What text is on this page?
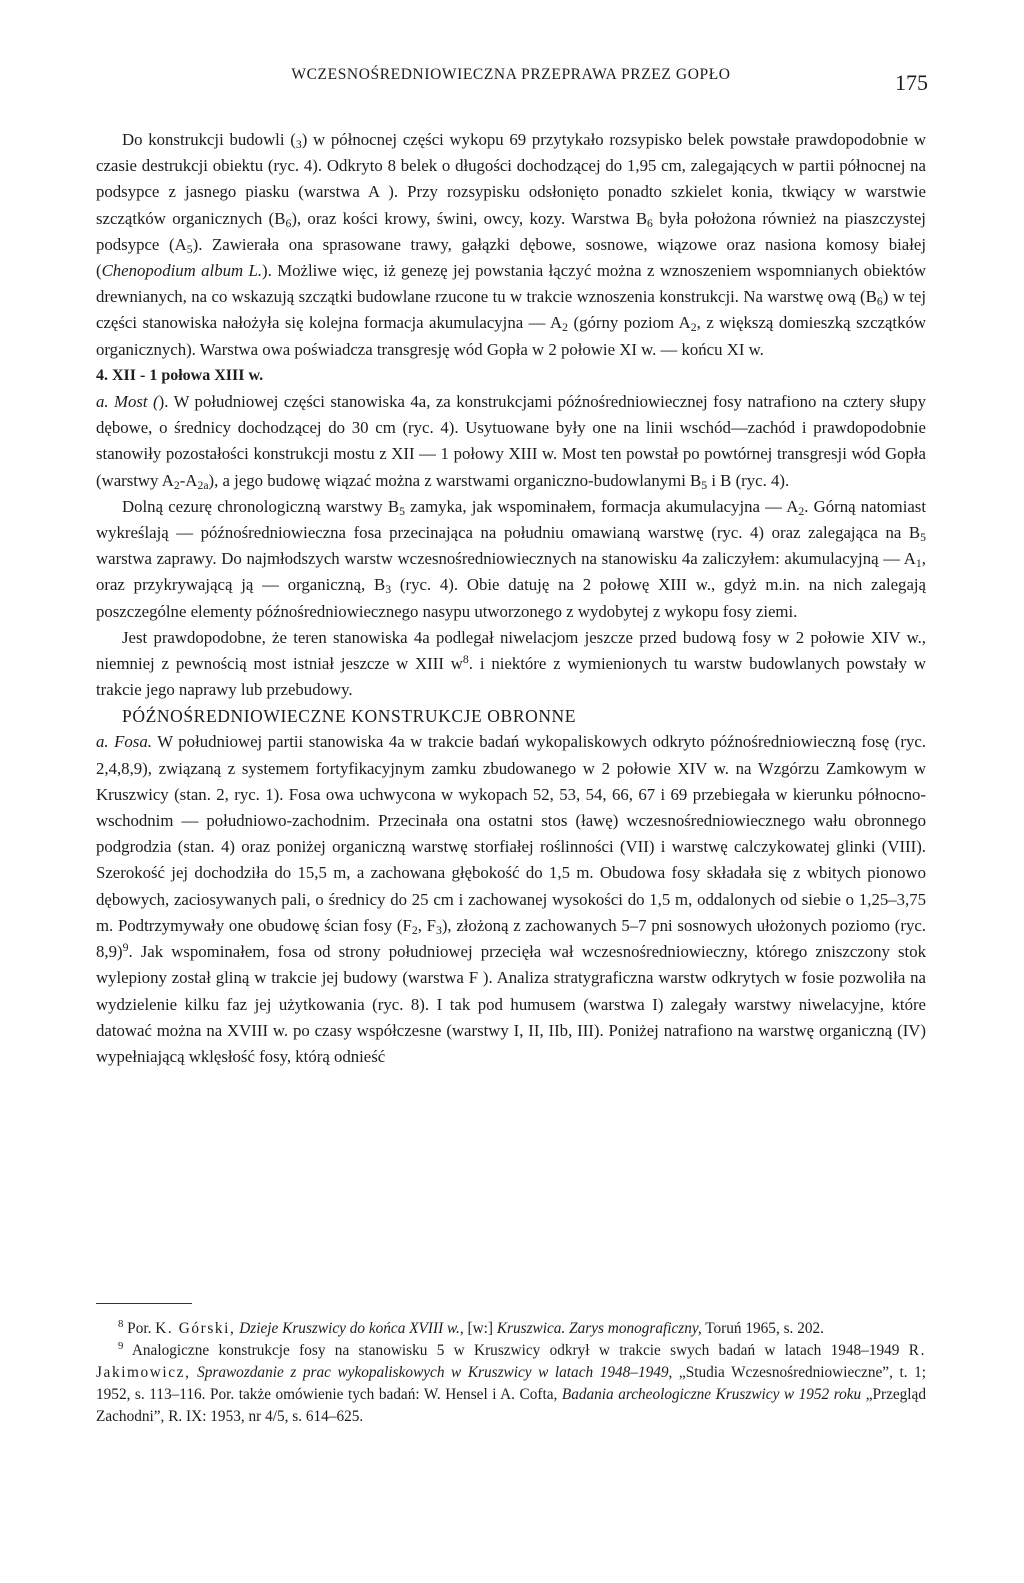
WCZESNOŚREDNIOWIECZNA PRZEPRAWA PRZEZ GOPŁO	175

Do konstrukcji budowli $(_3)$ w północnej części wykopu 69 przytykało rozsypisko belek powstałe prawdopodobnie w czasie destrukcji obiektu (ryc. 4). Odkryto 8 belek o długości dochodzącej do 1,95 cm, zalegających w partii północnej na podsypce z jasnego piasku (warstwa A ). Przy rozsypisku odsłonięto ponadto szkielet konia, tkwiący w warstwie szczątków organicznych $(B_6)$, oraz kości krowy, świni, owcy, kozy. Warstwa $B_6$ była położona również na piaszczystej podsypce $(A_5)$. Zawierała ona sprasowane trawy, gałązki dębowe, sosnowe, wiązowe oraz nasiona komosy białej (Chenopodium album L.). Możliwe więc, iż genezę jej powstania łączyć można z wznoszeniem wspomnianych obiektów drewnianych, na co wskazują szczątki budowlane rzucone tu w trakcie wznoszenia konstrukcji. Na warstwę ową $(B_6)$ w tej części stanowiska nałożyła się kolejna formacja akumulacyjna — $A_2$ (górny poziom $A_2$, z większą domieszką szczątków organicznych). Warstwa owa poświadcza transgresję wód Gopła w 2 połowie XI w. — końcu XI w.

4. XII - 1 połowa XIII w.

a. Most (). W południowej części stanowiska 4a, za konstrukcjami późnośredniowiecznej fosy natrafiono na cztery słupy dębowe, o średnicy dochodzącej do 30 cm (ryc. 4). Usytuowane były one na linii wschód—zachód i prawdopodobnie stanowiły pozostałości konstrukcji mostu z XII — 1 połowy XIII w. Most ten powstał po powtórnej transgresji wód Gopła (warstwy $A_2-A_{2a}$), a jego budowę wiązać można z warstwami organiczno-budowlanymi $B_5$ i B (ryc. 4).

Dolną cezurę chronologiczną warstwy $B_5$ zamyka, jak wspominałem, formacja akumulacyjna — $A_2$. Górną natomiast wykreślają — późnośredniowieczna fosa przecinająca na południu omawianą warstwę (ryc. 4) oraz zalegająca na $B_5$ warstwa zaprawy. Do najmłodszych warstw wczesnośredniowiecznych na stanowisku 4a zaliczyłem: akumulacyjną — $A_1$, oraz przykrywającą ją — organiczną, $B_3$ (ryc. 4). Obie datuję na 2 połowę XIII w., gdyż m.in. na nich zalegają poszczególne elementy późnośredniowiecznego nasypu utworzonego z wydobytej z wykopu fosy ziemi.

Jest prawdopodobne, że teren stanowiska 4a podlegał niwelacjom jeszcze przed budową fosy w 2 połowie XIV w., niemniej z pewnością most istniał jeszcze w XIII $w^8$. i niektóre z wymienionych tu warstw budowlanych powstały w trakcie jego naprawy lub przebudowy.

PÓŹNOŚREDNIOWIECZNE KONSTRUKCJE OBRONNE

a. Fosa. W południowej partii stanowiska 4a w trakcie badań wykopaliskowych odkryto późnośredniowieczną fosę (ryc. 2,4,8,9), związaną z systemem fortyfikacyjnym zamku zbudowanego w 2 połowie XIV w. na Wzgórzu Zamkowym w Kruszwicy (stan. 2, ryc. 1). Fosa owa uchwycona w wykopach 52, 53, 54, 66, 67 i 69 przebiegała w kierunku północno-wschodnim — południowo-zachodnim. Przecinała ona ostatni stos (ławę) wczesnośredniowiecznego wału obronnego podgrodzia (stan. 4) oraz poniżej organiczną warstwę storfiałej roślinności (VII) i warstwę calczykowatej glinki (VIII). Szerokość jej dochodziła do 15,5 m, a zachowana głębokość do 1,5 m. Obudowa fosy składała się z wbitych pionowo dębowych, zaciosywanych pali, o średnicy do 25 cm i zachowanej wysokości do 1,5 m, oddalonych od siebie o 1,25–3,75 m. Podtrzymywały one obudowę ścian fosy ($F_2$, $F_3$), złożoną z zachowanych 5–7 pni sosnowych ułożonych poziomo (ryc. 8,9)$^9$. Jak wspominałem, fosa od strony południowej przecięła wał wczesnośredniowieczny, którego zniszczony stok wylepiony został gliną w trakcie jej budowy (warstwa F ). Analiza stratygraficzna warstw odkrytych w fosie pozwoliła na wydzielenie kilku faz jej użytkowania (ryc. 8). I tak pod humusem (warstwa I) zalegały warstwy niwelacyjne, które datować można na XVIII w. po czasy współczesne (warstwy I, II, IIb, III). Poniżej natrafiono na warstwę organiczną (IV) wypełniającą wklęsłość fosy, którą odnieść

$^8$ Por. K. Górski, Dzieje Kruszwicy do końca XVIII w., [w:] Kruszwica. Zarys monograficzny, Toruń 1965, s. 202.

$^9$ Analogiczne konstrukcje fosy na stanowisku 5 w Kruszwicy odkrył w trakcie swych badań w latach 1948–1949 R. Jakimowicz, Sprawozdanie z prac wykopaliskowych w Kruszwicy w latach 1948–1949, „Studia Wczesnośredniowieczne”, t. 1; 1952, s. 113–116. Por. także omówienie tych badań: W. Hensel i A. Cofta, Badania archeologiczne Kruszwicy w 1952 roku „Przegląd Zachodni”, R. IX: 1953, nr 4/5, s. 614–625.
